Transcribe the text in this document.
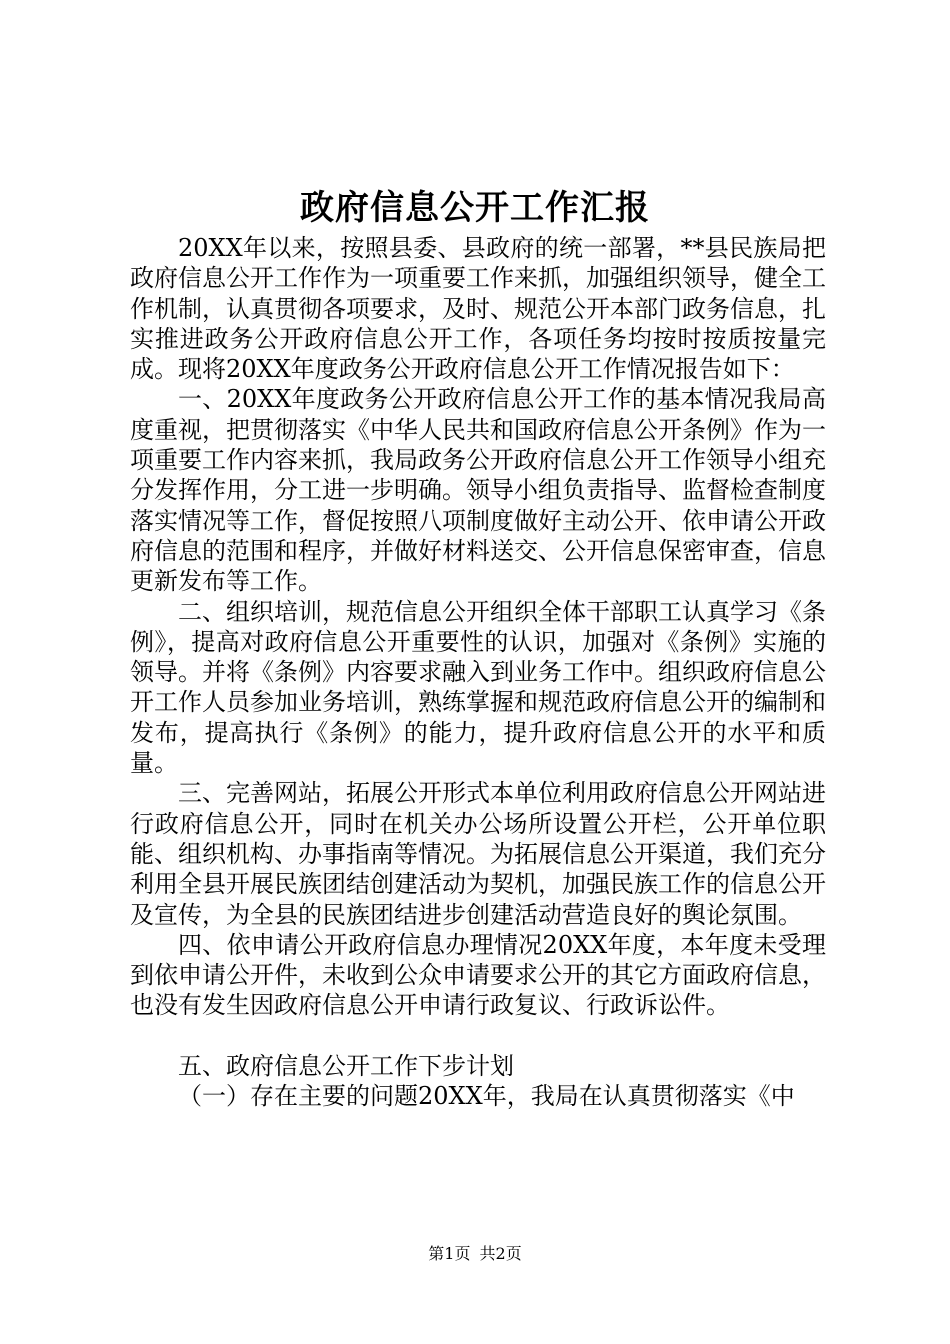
政府信息公开工作汇报

20XX年以来，按照县委、县政府的统一部署，**县民族局把政府信息公开工作作为一项重要工作来抓，加强组织领导，健全工作机制，认真贯彻各项要求，及时、规范公开本部门政务信息，扎实推进政务公开政府信息公开工作，各项任务均按时按质按量完成。现将20XX年度政务公开政府信息公开工作情况报告如下：

一、20XX年度政务公开政府信息公开工作的基本情况我局高度重视，把贯彻落实《中华人民共和国政府信息公开条例》作为一项重要工作内容来抓，我局政务公开政府信息公开工作领导小组充分发挥作用，分工进一步明确。领导小组负责指导、监督检查制度落实情况等工作，督促按照八项制度做好主动公开、依申请公开政府信息的范围和程序，并做好材料送交、公开信息保密审查，信息更新发布等工作。

二、组织培训，规范信息公开组织全体干部职工认真学习《条例》，提高对政府信息公开重要性的认识，加强对《条例》实施的领导。并将《条例》内容要求融入到业务工作中。组织政府信息公开工作人员参加业务培训，熟练掌握和规范政府信息公开的编制和发布，提高执行《条例》的能力，提升政府信息公开的水平和质量。

三、完善网站，拓展公开形式本单位利用政府信息公开网站进行政府信息公开，同时在机关办公场所设置公开栏，公开单位职能、组织机构、办事指南等情况。为拓展信息公开渠道，我们充分利用全县开展民族团结创建活动为契机，加强民族工作的信息公开及宣传，为全县的民族团结进步创建活动营造良好的舆论氛围。

四、依申请公开政府信息办理情况20XX年度，本年度未受理到依申请公开件，未收到公众申请要求公开的其它方面政府信息，也没有发生因政府信息公开申请行政复议、行政诉讼件。

五、政府信息公开工作下步计划

（一）存在主要的问题20XX年，我局在认真贯彻落实《中

第1页 共2页
